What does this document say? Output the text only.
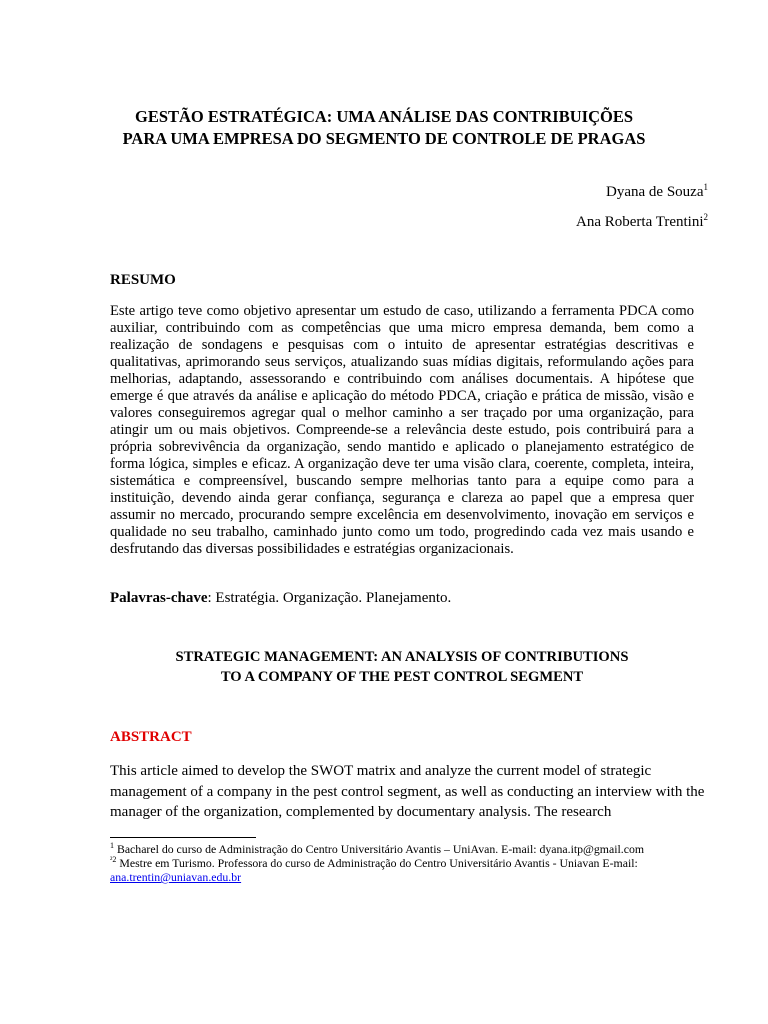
GESTÃO ESTRATÉGICA: UMA ANÁLISE DAS CONTRIBUIÇÕES
PARA UMA EMPRESA DO SEGMENTO DE CONTROLE DE PRAGAS
Dyana de Souza$^1$
Ana Roberta Trentini$^2$
RESUMO
Este artigo teve como objetivo apresentar um estudo de caso, utilizando a ferramenta PDCA como auxiliar, contribuindo com as competências que uma micro empresa demanda, bem como a realização de sondagens e pesquisas com o intuito de apresentar estratégias descritivas e qualitativas, aprimorando seus serviços, atualizando suas mídias digitais, reformulando ações para melhorias, adaptando, assessorando e contribuindo com análises documentais. A hipótese que emerge é que através da análise e aplicação do método PDCA, criação e prática de missão, visão e valores conseguiremos agregar qual o melhor caminho a ser traçado por uma organização, para atingir um ou mais objetivos. Compreende-se a relevância deste estudo, pois contribuirá para a própria sobrevivência da organização, sendo mantido e aplicado o planejamento estratégico de forma lógica, simples e eficaz. A organização deve ter uma visão clara, coerente, completa, inteira, sistemática e compreensível, buscando sempre melhorias tanto para a equipe como para a instituição, devendo ainda gerar confiança, segurança e clareza ao papel que a empresa quer assumir no mercado, procurando sempre excelência em desenvolvimento, inovação em serviços e qualidade no seu trabalho, caminhado junto como um todo, progredindo cada vez mais usando e desfrutando das diversas possibilidades e estratégias organizacionais.
Palavras-chave: Estratégia. Organização. Planejamento.
STRATEGIC MANAGEMENT: AN ANALYSIS OF CONTRIBUTIONS
TO A COMPANY OF THE PEST CONTROL SEGMENT
ABSTRACT
This article aimed to develop the SWOT matrix and analyze the current model of strategic management of a company in the pest control segment, as well as conducting an interview with the manager of the organization, complemented by documentary analysis. The research
$^1$ Bacharel do curso de Administração do Centro Universitário Avantis – UniAvan. E-mail: dyana.itp@gmail.com
$^{^22}$ Mestre em Turismo. Professora do curso de Administração do Centro Universitário Avantis - Uniavan E-mail:
ana.trentin@uniavan.edu.br
